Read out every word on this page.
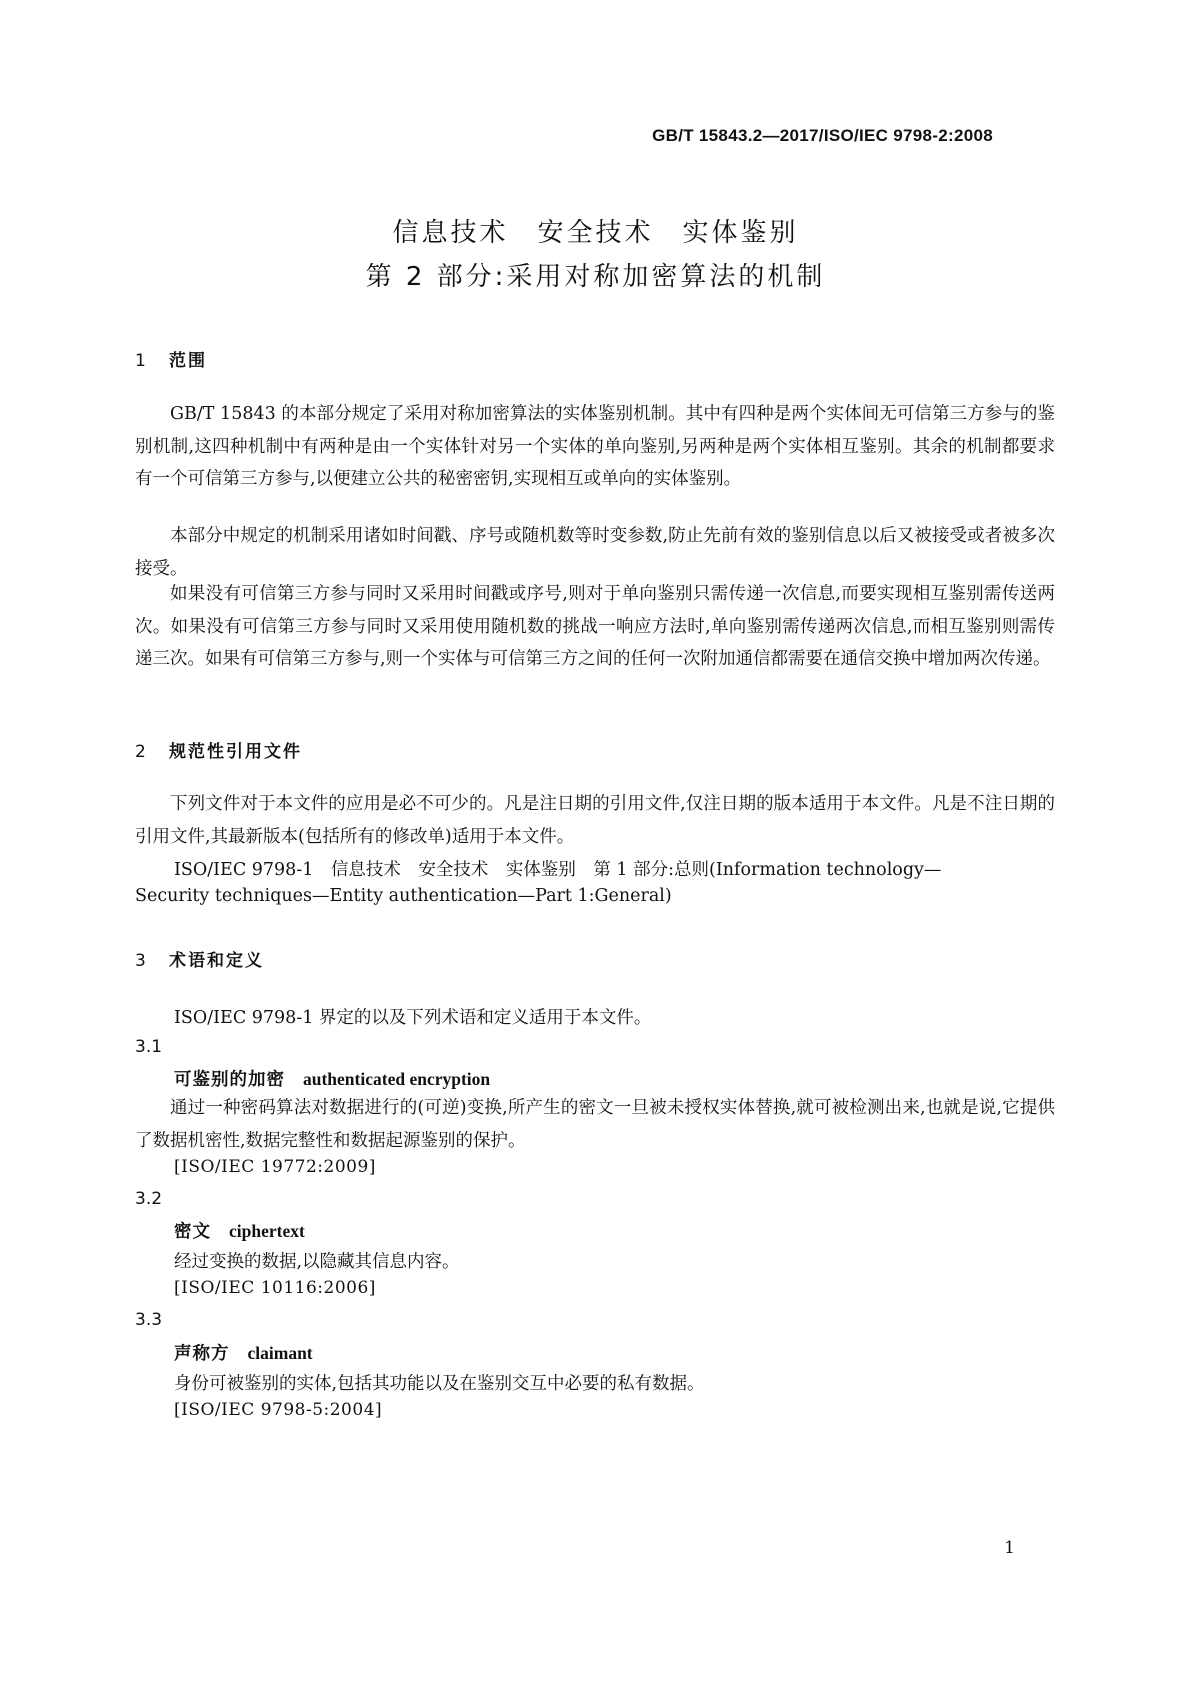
GB/T 15843.2—2017/ISO/IEC 9798-2:2008
信息技术　安全技术　实体鉴别
第 2 部分:采用对称加密算法的机制
1 范围

GB/T 15843 的本部分规定了采用对称加密算法的实体鉴别机制。其中有四种是两个实体间无可信第三方参与的鉴别机制,这四种机制中有两种是由一个实体针对另一个实体的单向鉴别,另两种是两个实体相互鉴别。其余的机制都要求有一个可信第三方参与,以便建立公共的秘密密钥,实现相互或单向的实体鉴别。

本部分中规定的机制采用诸如时间戳、序号或随机数等时变参数,防止先前有效的鉴别信息以后又被接受或者被多次接受。

如果没有可信第三方参与同时又采用时间戳或序号,则对于单向鉴别只需传递一次信息,而要实现相互鉴别需传送两次。如果没有可信第三方参与同时又采用使用随机数的挑战一响应方法时,单向鉴别需传递两次信息,而相互鉴别则需传递三次。如果有可信第三方参与,则一个实体与可信第三方之间的任何一次附加通信都需要在通信交换中增加两次传递。

2 规范性引用文件

下列文件对于本文件的应用是必不可少的。凡是注日期的引用文件,仅注日期的版本适用于本文件。凡是不注日期的引用文件,其最新版本(包括所有的修改单)适用于本文件。

ISO/IEC 9798-1　信息技术　安全技术　实体鉴别　第 1 部分:总则(Information technology—
Security techniques—Entity authentication—Part 1:General)
3 术语和定义
ISO/IEC 9798-1 界定的以及下列术语和定义适用于本文件。
3.1
可鉴别的加密 authenticated encryption

通过一种密码算法对数据进行的(可逆)变换,所产生的密文一旦被未授权实体替换,就可被检测出来,也就是说,它提供了数据机密性,数据完整性和数据起源鉴别的保护。

[ISO/IEC 19772:2009]
3.2
密文 ciphertext
经过变换的数据,以隐藏其信息内容。
[ISO/IEC 10116:2006]
3.3
声称方 claimant
身份可被鉴别的实体,包括其功能以及在鉴别交互中必要的私有数据。
[ISO/IEC 9798-5:2004]
1
